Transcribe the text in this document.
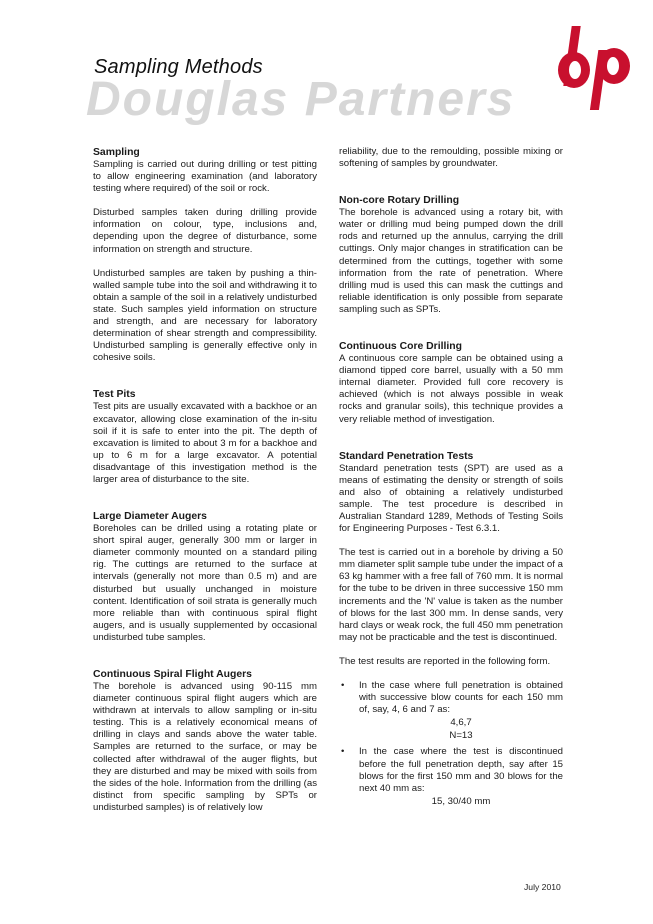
Sampling Methods
Douglas Partners
Sampling

Sampling is carried out during drilling or test pitting to allow engineering examination (and laboratory testing where required) of the soil or rock.

Disturbed samples taken during drilling provide information on colour, type, inclusions and, depending upon the degree of disturbance, some information on strength and structure.

Undisturbed samples are taken by pushing a thin-walled sample tube into the soil and withdrawing it to obtain a sample of the soil in a relatively undisturbed state. Such samples yield information on structure and strength, and are necessary for laboratory determination of shear strength and compressibility. Undisturbed sampling is generally effective only in cohesive soils.

Test Pits

Test pits are usually excavated with a backhoe or an excavator, allowing close examination of the in-situ soil if it is safe to enter into the pit. The depth of excavation is limited to about 3 m for a backhoe and up to 6 m for a large excavator. A potential disadvantage of this investigation method is the larger area of disturbance to the site.

Large Diameter Augers

Boreholes can be drilled using a rotating plate or short spiral auger, generally 300 mm or larger in diameter commonly mounted on a standard piling rig. The cuttings are returned to the surface at intervals (generally not more than 0.5 m) and are disturbed but usually unchanged in moisture content. Identification of soil strata is generally much more reliable than with continuous spiral flight augers, and is usually supplemented by occasional undisturbed tube samples.

Continuous Spiral Flight Augers

The borehole is advanced using 90-115 mm diameter continuous spiral flight augers which are withdrawn at intervals to allow sampling or in-situ testing. This is a relatively economical means of drilling in clays and sands above the water table. Samples are returned to the surface, or may be collected after withdrawal of the auger flights, but they are disturbed and may be mixed with soils from the sides of the hole. Information from the drilling (as distinct from specific sampling by SPTs or undisturbed samples) is of relatively low

reliability, due to the remoulding, possible mixing or softening of samples by groundwater.

Non-core Rotary Drilling

The borehole is advanced using a rotary bit, with water or drilling mud being pumped down the drill rods and returned up the annulus, carrying the drill cuttings. Only major changes in stratification can be determined from the cuttings, together with some information from the rate of penetration. Where drilling mud is used this can mask the cuttings and reliable identification is only possible from separate sampling such as SPTs.

Continuous Core Drilling

A continuous core sample can be obtained using a diamond tipped core barrel, usually with a 50 mm internal diameter. Provided full core recovery is achieved (which is not always possible in weak rocks and granular soils), this technique provides a very reliable method of investigation.

Standard Penetration Tests

Standard penetration tests (SPT) are used as a means of estimating the density or strength of soils and also of obtaining a relatively undisturbed sample. The test procedure is described in Australian Standard 1289, Methods of Testing Soils for Engineering Purposes - Test 6.3.1.

The test is carried out in a borehole by driving a 50 mm diameter split sample tube under the impact of a 63 kg hammer with a free fall of 760 mm. It is normal for the tube to be driven in three successive 150 mm increments and the 'N' value is taken as the number of blows for the last 300 mm. In dense sands, very hard clays or weak rock, the full 450 mm penetration may not be practicable and the test is discontinued.

The test results are reported in the following form.

• In the case where full penetration is obtained with successive blow counts for each 150 mm of, say, 4, 6 and 7 as:
4,6,7
N=13
• In the case where the test is discontinued before the full penetration depth, say after 15 blows for the first 150 mm and 30 blows for the next 40 mm as:
15, 30/40 mm
July 2010
